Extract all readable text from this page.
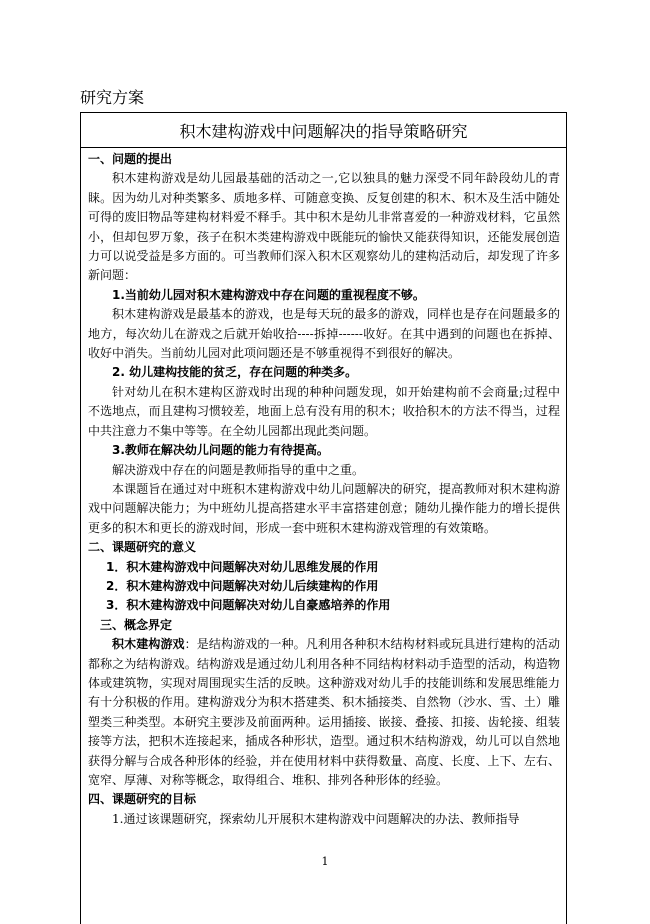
研究方案
积木建构游戏中问题解决的指导策略研究

一、问题的提出

积木建构游戏是幼儿园最基础的活动之一,它以独具的魅力深受不同年龄段幼儿的青睐。因为幼儿对种类繁多、质地多样、可随意变换、反复创建的积木、积木及生活中随处可得的废旧物品等建构材料爱不释手。其中积木是幼儿非常喜爱的一种游戏材料，它虽然小，但却包罗万象，孩子在积木类建构游戏中既能玩的愉快又能获得知识，还能发展创造力可以说受益是多方面的。可当教师们深入积木区观察幼儿的建构活动后，却发现了许多新问题：

1.当前幼儿园对积木建构游戏中存在问题的重视程度不够。

积木建构游戏是最基本的游戏，也是每天玩的最多的游戏，同样也是存在问题最多的地方，每次幼儿在游戏之后就开始收拾----拆掉------收好。在其中遇到的问题也在拆掉、收好中消失。当前幼儿园对此项问题还是不够重视得不到很好的解决。

2. 幼儿建构技能的贫乏，存在问题的种类多。

针对幼儿在积木建构区游戏时出现的种种问题发现，如开始建构前不会商量;过程中不选地点，而且建构习惯较差，地面上总有没有用的积木；收拾积木的方法不得当，过程中共注意力不集中等等。在全幼儿园都出现此类问题。

3.教师在解决幼儿问题的能力有待提高。

解决游戏中存在的问题是教师指导的重中之重。

本课题旨在通过对中班积木建构游戏中幼儿问题解决的研究，提高教师对积木建构游戏中问题解决能力；为中班幼儿提高搭建水平丰富搭建创意；随幼儿操作能力的增长提供更多的积木和更长的游戏时间，形成一套中班积木建构游戏管理的有效策略。

二、课题研究的意义

1．积木建构游戏中问题解决对幼儿思维发展的作用

2．积木建构游戏中问题解决对幼儿后续建构的作用

3．积木建构游戏中问题解决对幼儿自豪感培养的作用

三、概念界定

积木建构游戏：是结构游戏的一种。凡利用各种积木结构材料或玩具进行建构的活动都称之为结构游戏。结构游戏是通过幼儿利用各种不同结构材料动手造型的活动，构造物体或建筑物，实现对周围现实生活的反映。这种游戏对幼儿手的技能训练和发展思维能力有十分积极的作用。建构游戏分为积木搭建类、积木插接类、自然物（沙水、雪、土）雕塑类三种类型。本研究主要涉及前面两种。运用插接、嵌接、叠接、扣接、齿轮接、组装接等方法，把积木连接起来，插成各种形状，造型。通过积木结构游戏，幼儿可以自然地获得分解与合成各种形体的经验，并在使用材料中获得数量、高度、长度、上下、左右、宽窄、厚薄、对称等概念，取得组合、堆积、排列各种形体的经验。

四、课题研究的目标

1.通过该课题研究，探索幼儿开展积木建构游戏中问题解决的办法、教师指导

1
